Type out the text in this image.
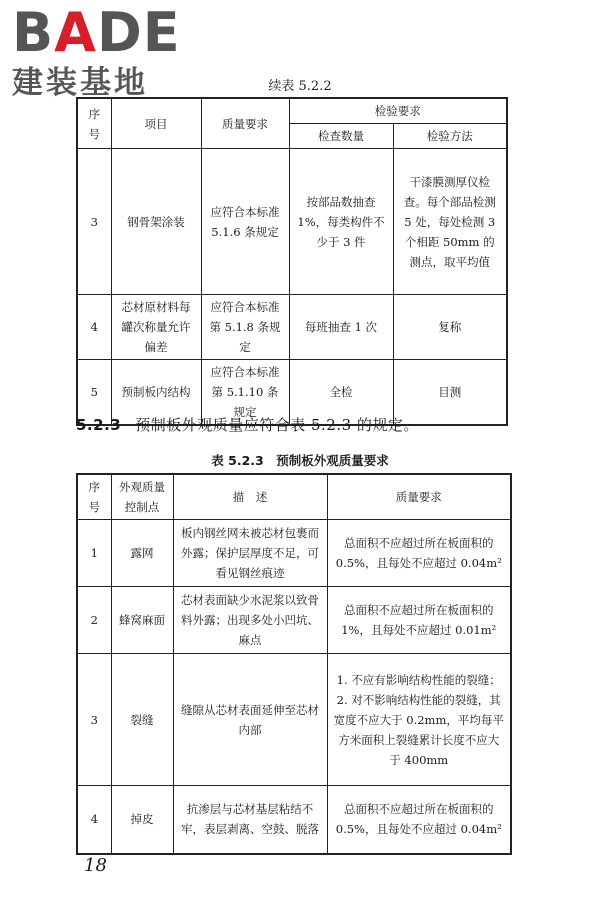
BADE
建装基地	续表 5.2.2
序号	项目	质量要求	检验要求	
			检查数量	检验方法
3	钢骨架涂装	应符合本标准 5.1.6 条规定	按部品数抽查 1%，每类构件不少于 3 件	干漆膜测厚仪检查。每个部品检测 5 处，每处检测 3 个相距 50mm 的测点，取平均值
4	芯材原材料每罐次称量允许偏差	应符合本标准第 5.1.8 条规定	每班抽查 1 次	复称
5	预制板内结构	应符合本标准第 5.1.10 条规定	全检	目测
5.2.3 预制板外观质量应符合表 5.2.3 的规定。
表 5.2.3　预制板外观质量要求
序号	外观质量控制点	描　述	质量要求
1	露网	板内钢丝网未被芯材包裹而外露；保护层厚度不足，可看见钢丝痕迹	总面积不应超过所在板面积的 0.5%，且每处不应超过 0.04m²
2	蜂窝麻面	芯材表面缺少水泥浆以致骨料外露；出现多处小凹坑、麻点	总面积不应超过所在板面积的 1%，且每处不应超过 0.01m²
3	裂缝	缝隙从芯材表面延伸至芯材内部	1. 不应有影响结构性能的裂缝；
2. 对不影响结构性能的裂缝，其宽度不应大于 0.2mm，平均每平方米面积上裂缝累计长度不应大于 400mm

4	掉皮	抗渗层与芯材基层粘结不牢，表层剥离、空鼓、脱落	总面积不应超过所在板面积的 0.5%，且每处不应超过 0.04m²
18
